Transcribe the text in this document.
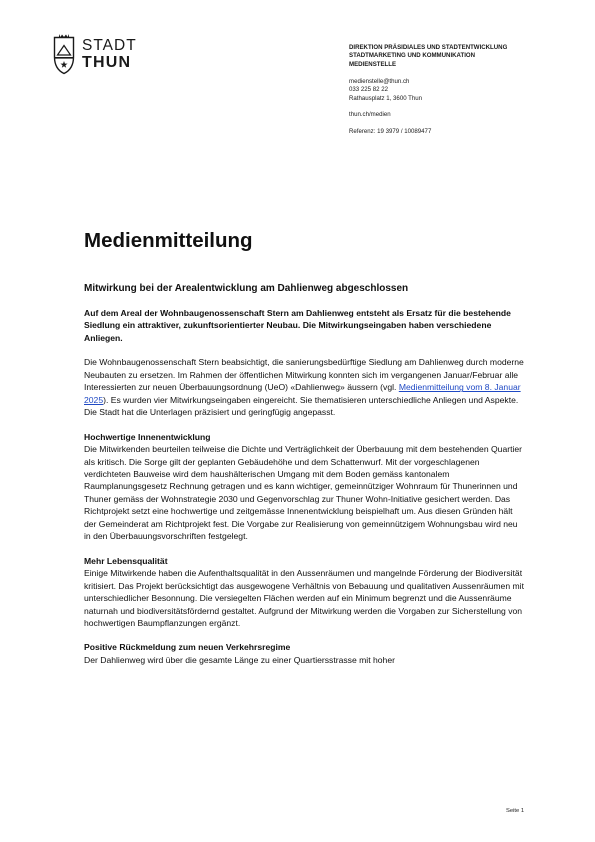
STADT
THUN
DIREKTION PRÄSIDIALES UND STADTENTWICKLUNG
STADTMARKETING UND KOMMUNIKATION
MEDIENSTELLE
medienstelle@thun.ch
033 225 82 22
Rathausplatz 1, 3600 Thun
thun.ch/medien
Referenz: 19 3979 / 10089477
Medienmitteilung
Mitwirkung bei der Arealentwicklung am Dahlienweg abgeschlossen

Auf dem Areal der Wohnbaugenossenschaft Stern am Dahlienweg entsteht als Ersatz für die bestehende Siedlung ein attraktiver, zukunftsorientierter Neubau. Die Mitwirkungseingaben haben verschiedene Anliegen.

Die Wohnbaugenossenschaft Stern beabsichtigt, die sanierungsbedürftige Siedlung am Dahlienweg durch moderne Neubauten zu ersetzen. Im Rahmen der öffentlichen Mitwirkung konnten sich im vergangenen Januar/Februar alle Interessierten zur neuen Überbauungsordnung (UeO) «Dahlienweg» äussern (vgl. Medienmitteilung vom 8. Januar 2025). Es wurden vier Mitwirkungseingaben eingereicht. Sie thematisieren unterschiedliche Anliegen und Aspekte. Die Stadt hat die Unterlagen präzisiert und geringfügig angepasst.

Hochwertige Innenentwicklung

Die Mitwirkenden beurteilen teilweise die Dichte und Verträglichkeit der Überbauung mit dem bestehenden Quartier als kritisch. Die Sorge gilt der geplanten Gebäudehöhe und dem Schattenwurf. Mit der vorgeschlagenen verdichteten Bauweise wird dem haushälterischen Umgang mit dem Boden gemäss kantonalem Raumplanungsgesetz Rechnung getragen und es kann wichtiger, gemeinnütziger Wohnraum für Thunerinnen und Thuner gemäss der Wohnstrategie 2030 und Gegenvorschlag zur Thuner Wohn-Initiative gesichert werden. Das Richtprojekt setzt eine hochwertige und zeitgemässe Innenentwicklung beispielhaft um. Aus diesen Gründen hält der Gemeinderat am Richtprojekt fest. Die Vorgabe zur Realisierung von gemeinnützigem Wohnungsbau wird neu in den Überbauungsvorschriften festgelegt.

Mehr Lebensqualität

Einige Mitwirkende haben die Aufenthaltsqualität in den Aussenräumen und mangelnde Förderung der Biodiversität kritisiert. Das Projekt berücksichtigt das ausgewogene Verhältnis von Bebauung und qualitativen Aussenräumen mit unterschiedlicher Besonnung. Die versiegelten Flächen werden auf ein Minimum begrenzt und die Aussenräume naturnah und biodiversitätsfördernd gestaltet. Aufgrund der Mitwirkung werden die Vorgaben zur Sicherstellung von hochwertigen Baumpflanzungen ergänzt.

Positive Rückmeldung zum neuen Verkehrsregime

Der Dahlienweg wird über die gesamte Länge zu einer Quartiersstrasse mit hoher

Seite 1
